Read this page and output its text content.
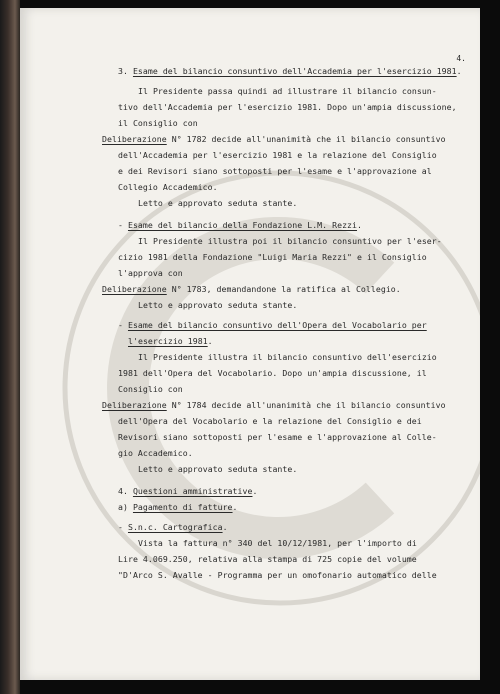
4.
3. Esame del bilancio consuntivo dell'Accademia per l'esercizio 1981.
Il Presidente passa quindi ad illustrare il bilancio consun-
tivo dell'Accademia per l'esercizio 1981. Dopo un'ampia discussione,
il Consiglio con
Deliberazione N° 1782 decide all'unanimità che il bilancio consuntivo
dell'Accademia per l'esercizio 1981 e la relazione del Consiglio
e dei Revisori siano sottoposti per l'esame e l'approvazione al
Collegio Accademico.
Letto e approvato seduta stante.
- Esame del bilancio della Fondazione L.M. Rezzi.
Il Presidente illustra poi il bilancio consuntivo per l'eser-
cizio 1981 della Fondazione "Luigi Maria Rezzi" e il Consiglio
l'approva con
Deliberazione N° 1783, demandandone la ratifica al Collegio.
Letto e approvato seduta stante.
- Esame del bilancio consuntivo dell'Opera del Vocabolario per
l'esercizio 1981.
Il Presidente illustra il bilancio consuntivo dell'esercizio
1981 dell'Opera del Vocabolario. Dopo un'ampia discussione, il
Consiglio con
Deliberazione N° 1784 decide all'unanimità che il bilancio consuntivo
dell'Opera del Vocabolario e la relazione del Consiglio e dei
Revisori siano sottoposti per l'esame e l'approvazione al Colle-
gio Accademico.
Letto e approvato seduta stante.
4. Questioni amministrative.
a) Pagamento di fatture.
- S.n.c. Cartografica.
Vista la fattura n° 340 del 10/12/1981, per l'importo di
Lire 4.069.250, relativa alla stampa di 725 copie del volume
"D'Arco S. Avalle - Programma per un omofonario automatico delle
